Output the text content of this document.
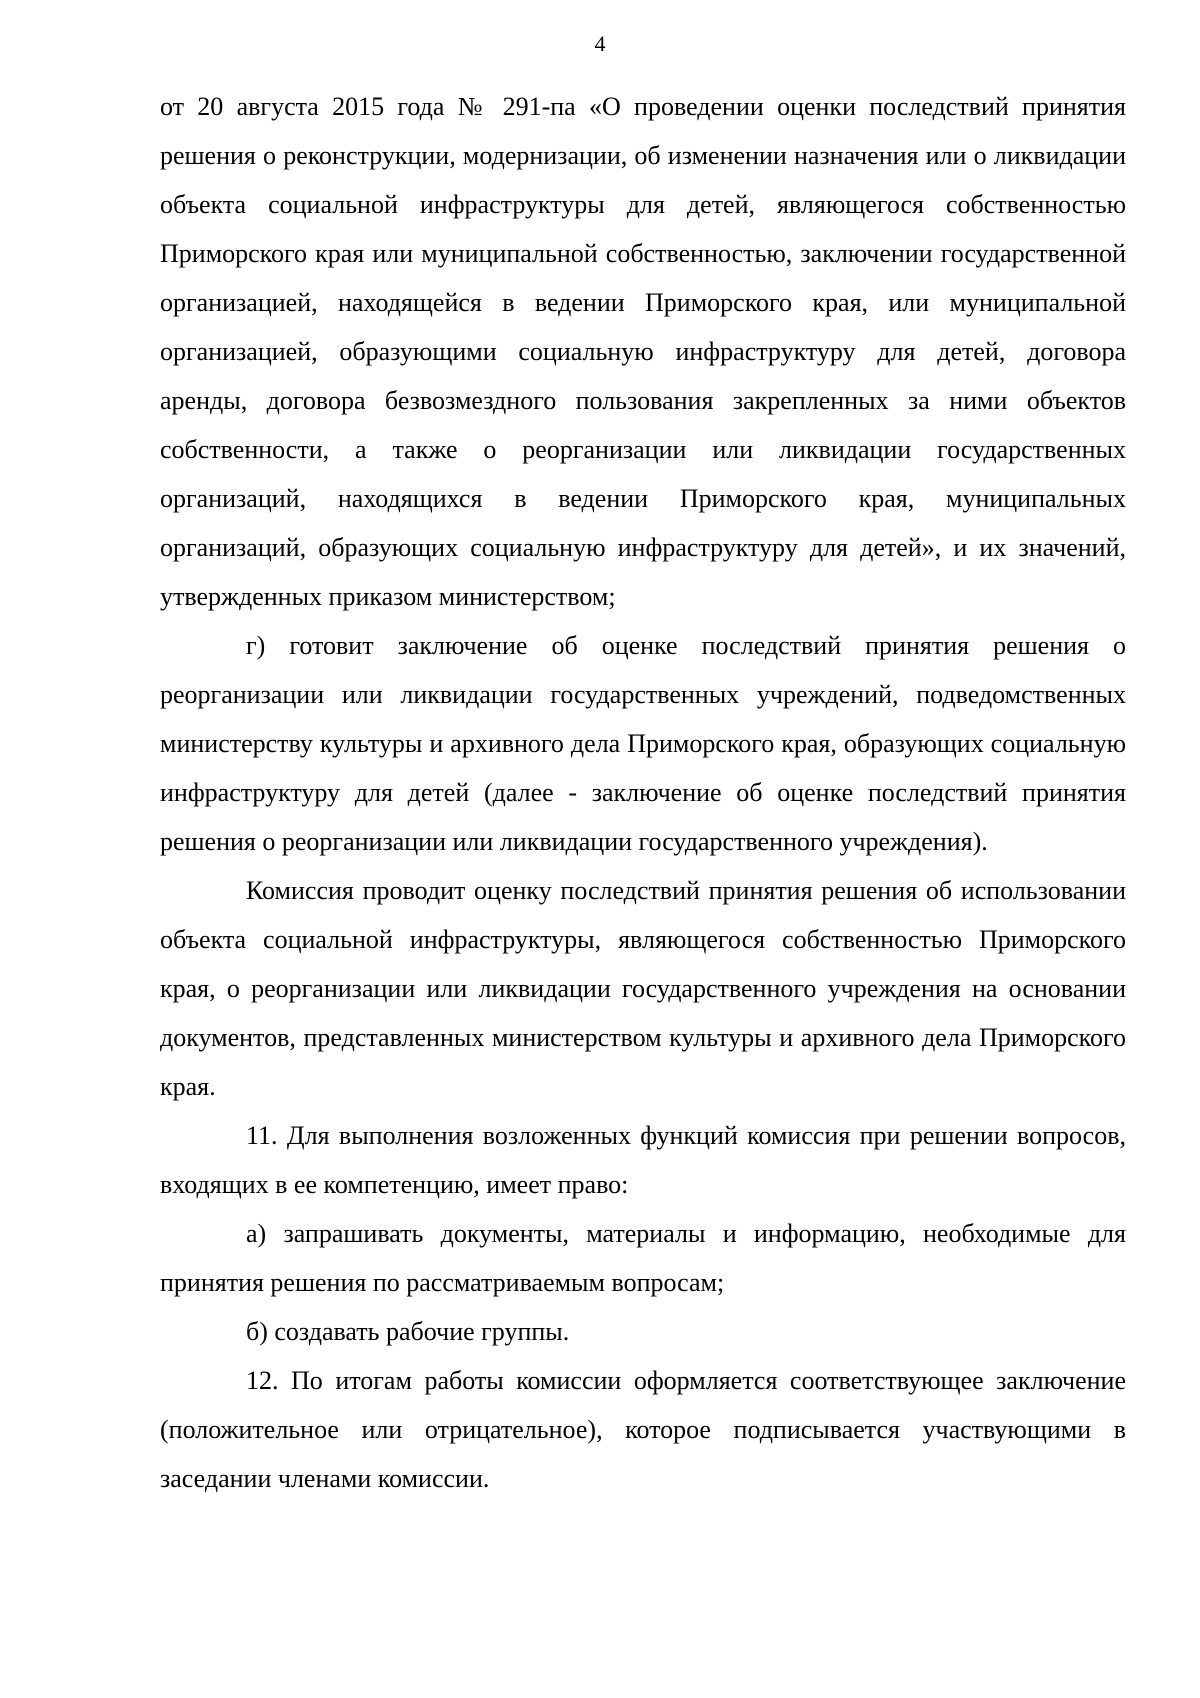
4

от 20 августа 2015 года № 291-па «О проведении оценки последствий принятия решения о реконструкции, модернизации, об изменении назначения или о ликвидации объекта социальной инфраструктуры для детей, являющегося собственностью Приморского края или муниципальной собственностью, заключении государственной организацией, находящейся в ведении Приморского края, или муниципальной организацией, образующими социальную инфраструктуру для детей, договора аренды, договора безвозмездного пользования закрепленных за ними объектов собственности, а также о реорганизации или ликвидации государственных организаций, находящихся в ведении Приморского края, муниципальных организаций, образующих социальную инфраструктуру для детей», и их значений, утвержденных приказом министерством;

г) готовит заключение об оценке последствий принятия решения о реорганизации или ликвидации государственных учреждений, подведомственных министерству культуры и архивного дела Приморского края, образующих социальную инфраструктуру для детей (далее - заключение об оценке последствий принятия решения о реорганизации или ликвидации государственного учреждения).

Комиссия проводит оценку последствий принятия решения об использовании объекта социальной инфраструктуры, являющегося собственностью Приморского края, о реорганизации или ликвидации государственного учреждения на основании документов, представленных министерством культуры и архивного дела Приморского края.

11. Для выполнения возложенных функций комиссия при решении вопросов, входящих в ее компетенцию, имеет право:

а) запрашивать документы, материалы и информацию, необходимые для принятия решения по рассматриваемым вопросам;

б) создавать рабочие группы.

12. По итогам работы комиссии оформляется соответствующее заключение (положительное или отрицательное), которое подписывается участвующими в заседании членами комиссии.
